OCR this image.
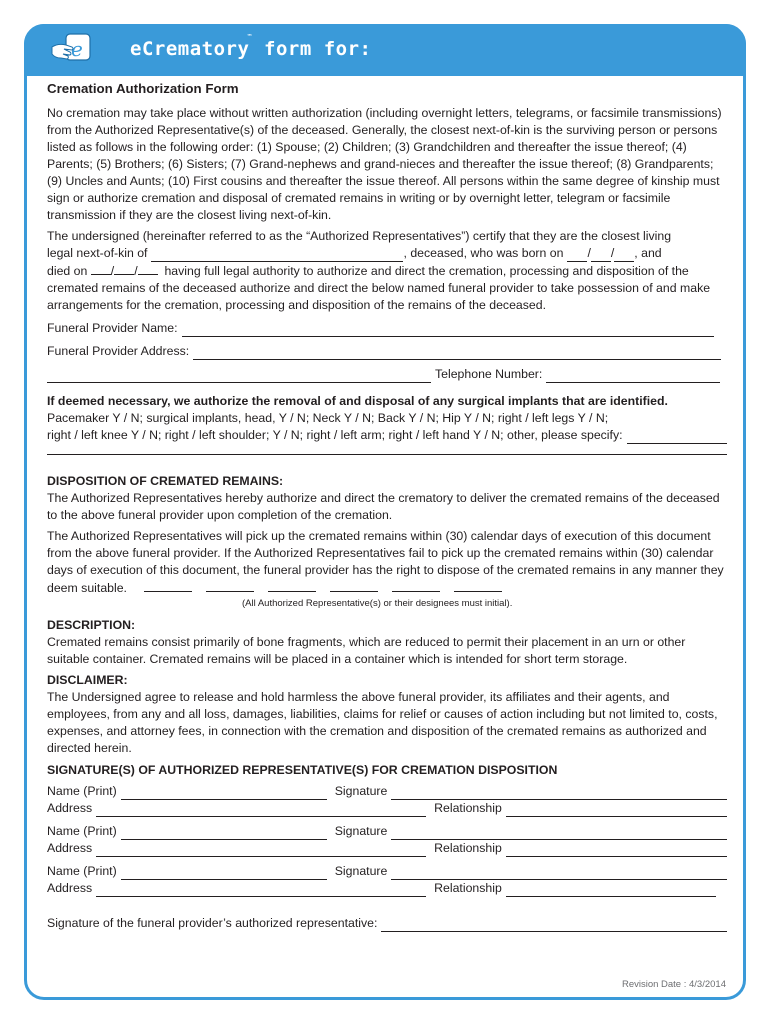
e eCrematory™ form for:

Cremation Authorization Form

No cremation may take place without written authorization (including overnight letters, telegrams, or facsimile transmissions) from the Authorized Representative(s) of the deceased. Generally, the closest next-of-kin is the surviving person or persons listed as follows in the following order: (1) Spouse; (2) Children; (3) Grandchildren and thereafter the issue thereof; (4) Parents; (5) Brothers; (6) Sisters; (7) Grand-nephews and grand-nieces and thereafter the issue thereof; (8) Grandparents; (9) Uncles and Aunts; (10) First cousins and thereafter the issue thereof. All persons within the same degree of kinship must sign or authorize cremation and disposal of cremated remains in writing or by overnight letter, telegram or facsimile transmission if they are the closest living next-of-kin.

The undersigned (hereinafter referred to as the “Authorized Representatives”) certify that they are the closest living

legal next-of-kin of	, deceased, who was born on /
/ , and

died on / / having full legal authority to authorize and direct the cremation, processing and disposition of the cremated remains of the deceased authorize and direct the below named funeral provider to take possession of and make arrangements for the cremation, processing and disposition of the remains of the deceased.

Funeral Provider Name:
Funeral Provider Address:
Telephone Number:

If deemed necessary, we authorize the removal of and disposal of any surgical implants that are identified.

Pacemaker Y / N; surgical implants, head, Y / N; Neck Y / N; Back Y / N; Hip Y / N; right / left legs Y / N;

right / left knee Y / N; right / left shoulder; Y / N; right / left arm; right / left hand Y / N; other, please specify:

DISPOSITION OF CREMATED REMAINS:

The Authorized Representatives hereby authorize and direct the crematory to deliver the cremated remains of the deceased to the above funeral provider upon completion of the cremation.

The Authorized Representatives will pick up the cremated remains within (30) calendar days of execution of this document from the above funeral provider. If the Authorized Representatives fail to pick up the cremated remains within (30) calendar days of execution of this document, the funeral provider has the right to dispose of the cremated remains in any manner they deem suitable.

(All Authorized Representative(s) or their designees must initial).

DESCRIPTION:

Cremated remains consist primarily of bone fragments, which are reduced to permit their placement in an urn or other suitable container. Cremated remains will be placed in a container which is intended for short term storage.

DISCLAIMER:

The Undersigned agree to release and hold harmless the above funeral provider, its affiliates and their agents, and employees, from any and all loss, damages, liabilities, claims for relief or causes of action including but not limited to, costs, expenses, and attorney fees, in connection with the cremation and disposition of the cremated remains as authorized and directed herein.

SIGNATURE(S) OF AUTHORIZED REPRESENTATIVE(S) FOR CREMATION DISPOSITION

Name (Print)	Signature
Address	Relationship
Name (Print)	Signature
Address	Relationship
Name (Print)	Signature
Address	Relationship
Signature of the funeral provider’s authorized representative:
Revision Date : 4/3/2014
